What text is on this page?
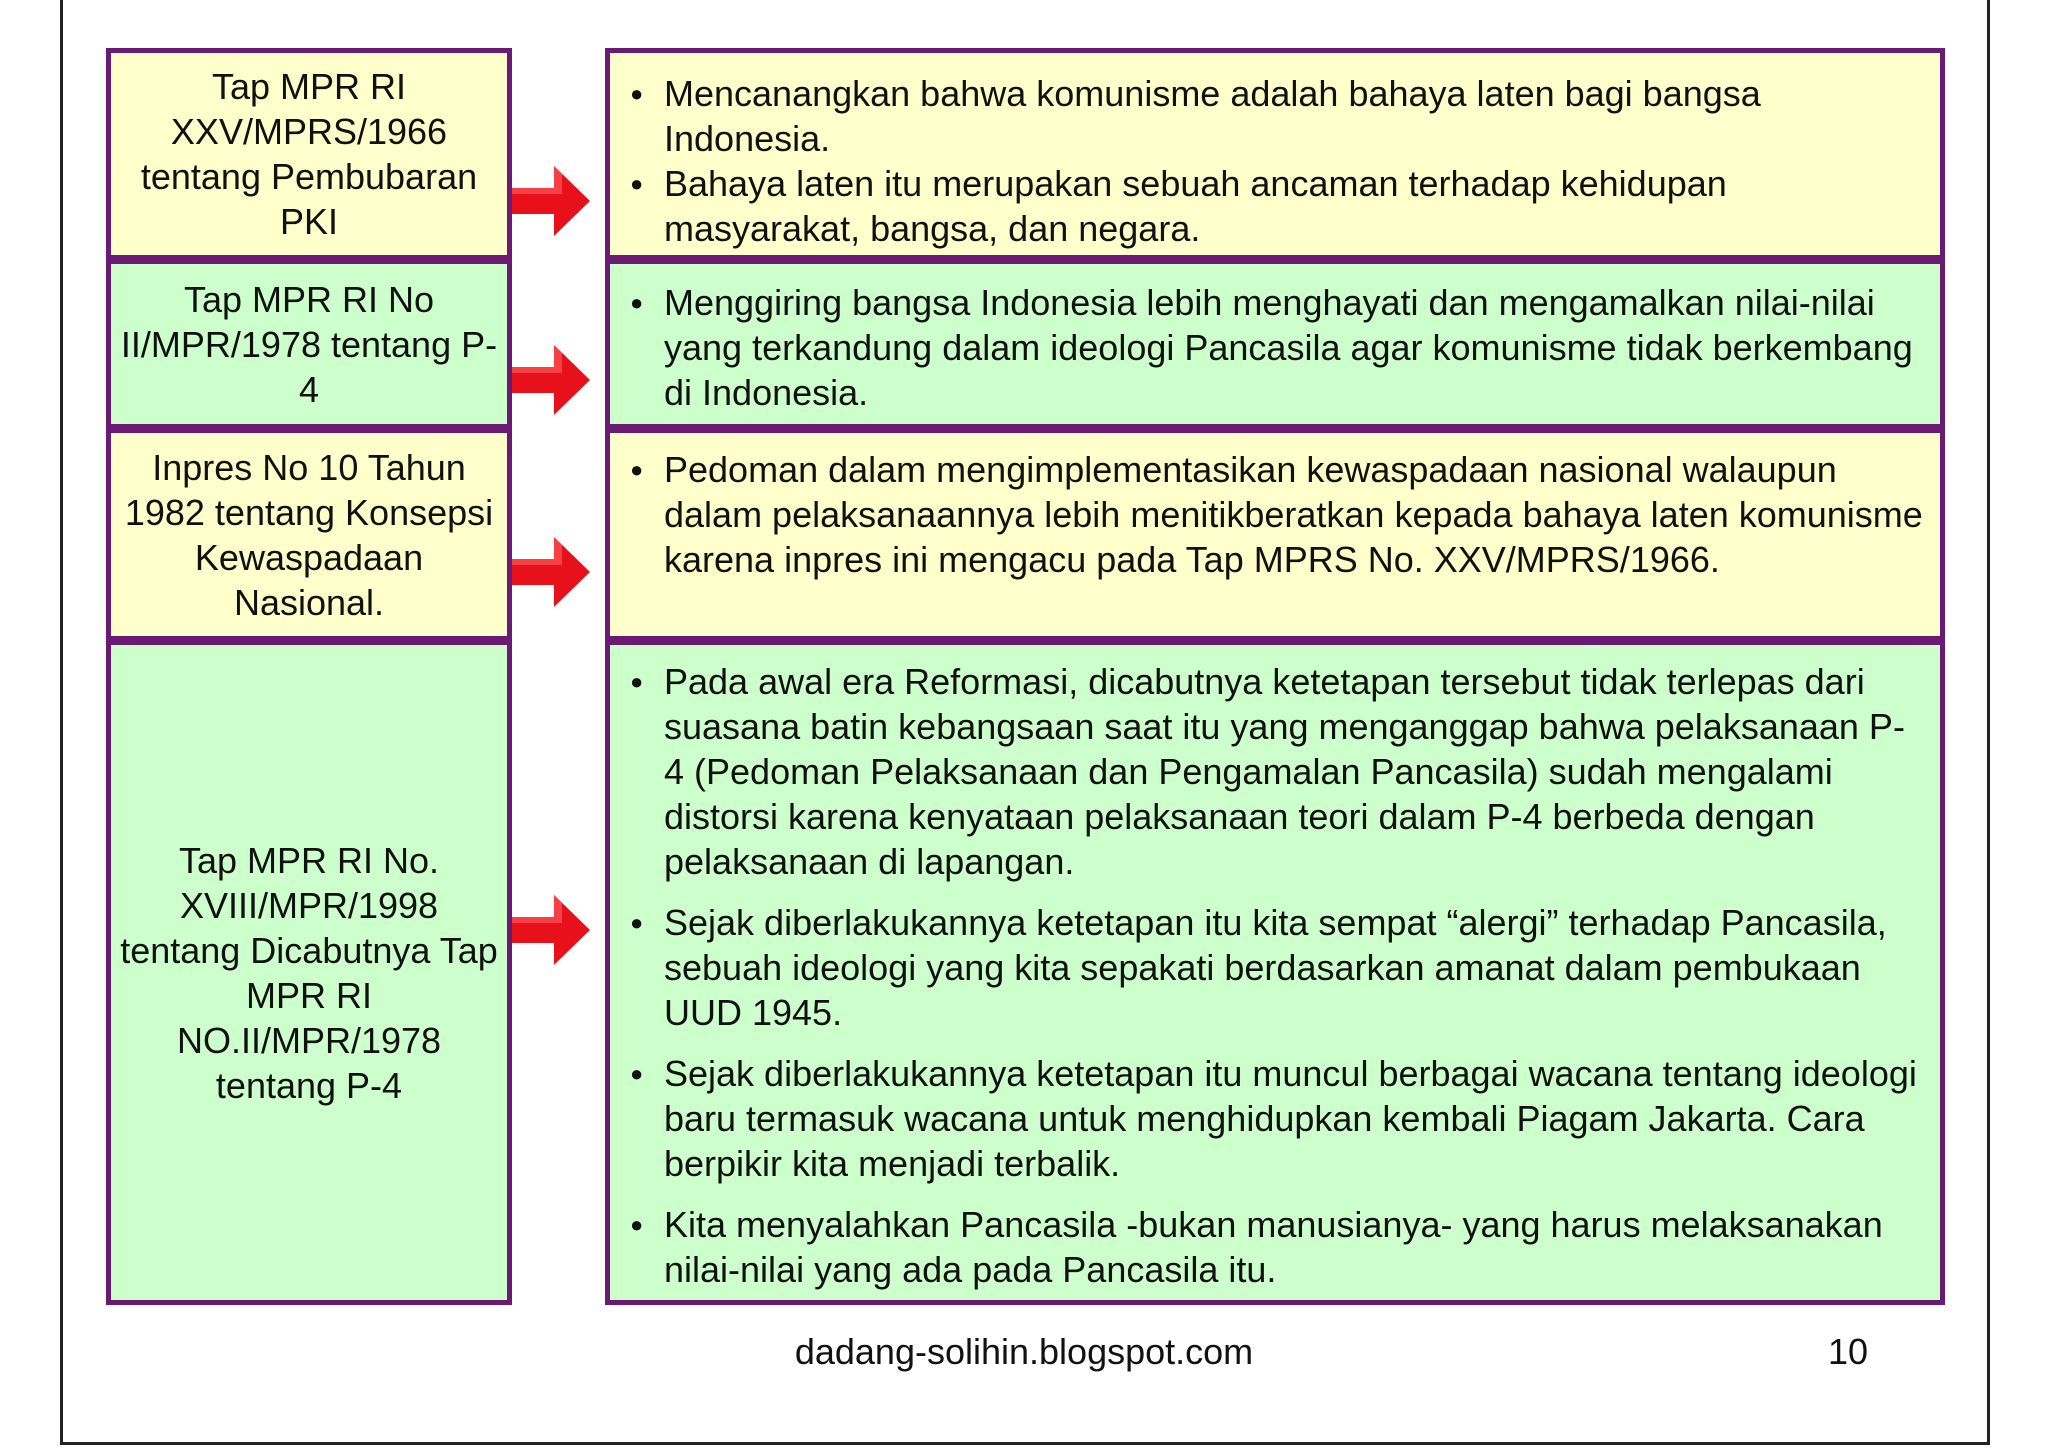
Tap MPR RI XXV/MPRS/1966 tentang Pembubaran PKI
● Mencanangkan bahwa komunisme adalah bahaya laten bagi bangsa Indonesia.
● Bahaya laten itu merupakan sebuah ancaman terhadap kehidupan masyarakat, bangsa, dan negara.
Tap MPR RI No II/MPR/1978 tentang P-4
● Menggiring bangsa Indonesia lebih menghayati dan mengamalkan nilai-nilai yang terkandung dalam ideologi Pancasila agar komunisme tidak berkembang di Indonesia.
Inpres No 10 Tahun 1982 tentang Konsepsi Kewaspadaan Nasional.
● Pedoman dalam mengimplementasikan kewaspadaan nasional walaupun dalam pelaksanaannya lebih menitikberatkan kepada bahaya laten komunisme karena inpres ini mengacu pada Tap MPRS No. XXV/MPRS/1966.
Tap MPR RI No. XVIII/MPR/1998 tentang Dicabutnya Tap MPR RI NO.II/MPR/1978 tentang P-4
● Pada awal era Reformasi, dicabutnya ketetapan tersebut tidak terlepas dari suasana batin kebangsaan saat itu yang menganggap bahwa pelaksanaan P-4 (Pedoman Pelaksanaan dan Pengamalan Pancasila) sudah mengalami distorsi karena kenyataan pelaksanaan teori dalam P-4 berbeda dengan pelaksanaan di lapangan.
● Sejak diberlakukannya ketetapan itu kita sempat “alergi” terhadap Pancasila, sebuah ideologi yang kita sepakati berdasarkan amanat dalam pembukaan UUD 1945.
● Sejak diberlakukannya ketetapan itu muncul berbagai wacana tentang ideologi baru termasuk wacana untuk menghidupkan kembali Piagam Jakarta. Cara berpikir kita menjadi terbalik.
● Kita menyalahkan Pancasila -bukan manusianya- yang harus melaksanakan nilai-nilai yang ada pada Pancasila itu.
dadang-solihin.blogspot.com	10
